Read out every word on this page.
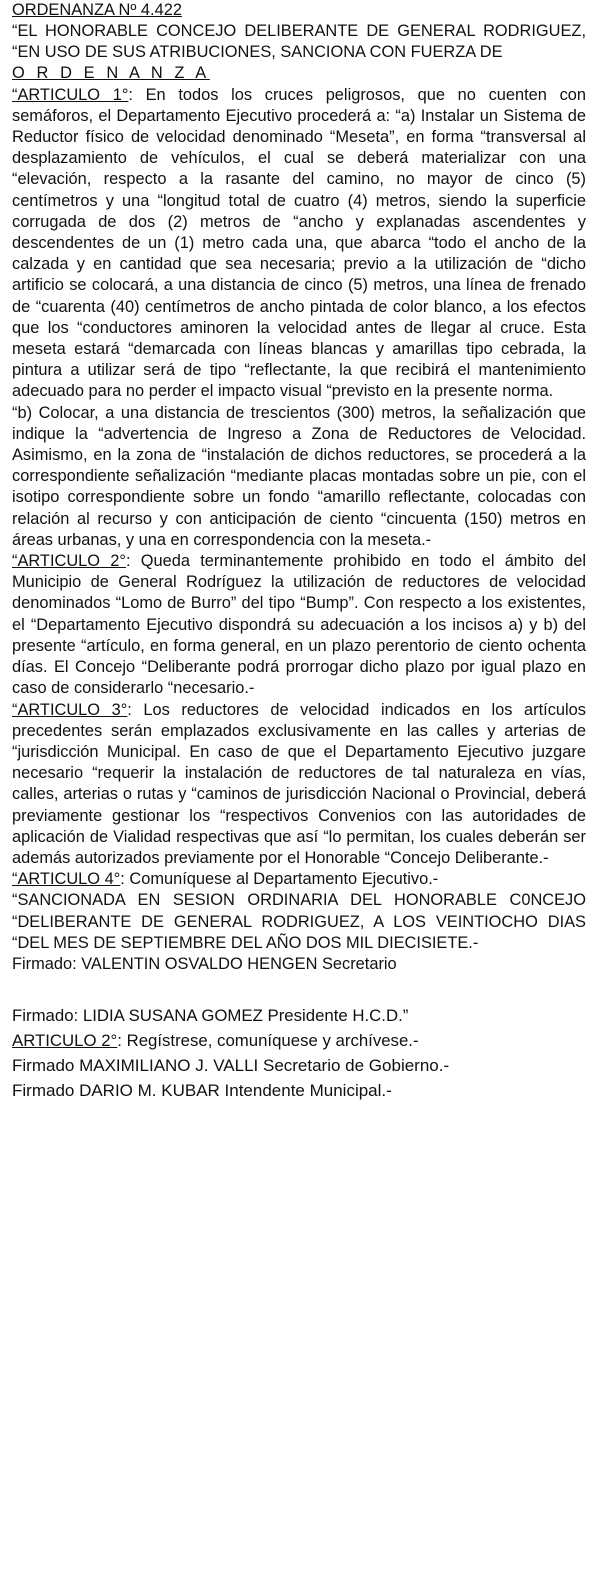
ORDENANZA Nº 4.422

“EL HONORABLE CONCEJO DELIBERANTE DE GENERAL RODRIGUEZ, “EN USO DE SUS ATRIBUCIONES, SANCIONA CON FUERZA DE

O R D E N A N Z A

“ARTICULO 1°: En todos los cruces peligrosos, que no cuenten con semáforos, el Departamento Ejecutivo procederá a: “a) Instalar un Sistema de Reductor físico de velocidad denominado “Meseta”, en forma “transversal al desplazamiento de vehículos, el cual se deberá materializar con una “elevación, respecto a la rasante del camino, no mayor de cinco (5) centímetros y una “longitud total de cuatro (4) metros, siendo la superficie corrugada de dos (2) metros de “ancho y explanadas ascendentes y descendentes de un (1) metro cada una, que abarca “todo el ancho de la calzada y en cantidad que sea necesaria; previo a la utilización de “dicho artificio se colocará, a una distancia de cinco (5) metros, una línea de frenado de “cuarenta (40) centímetros de ancho pintada de color blanco, a los efectos que los “conductores aminoren la velocidad antes de llegar al cruce. Esta meseta estará “demarcada con líneas blancas y amarillas tipo cebrada, la pintura a utilizar será de tipo “reflectante, la que recibirá el mantenimiento adecuado para no perder el impacto visual “previsto en la presente norma.

“b) Colocar, a una distancia de trescientos (300) metros, la señalización que indique la “advertencia de Ingreso a Zona de Reductores de Velocidad. Asimismo, en la zona de “instalación de dichos reductores, se procederá a la correspondiente señalización “mediante placas montadas sobre un pie, con el isotipo correspondiente sobre un fondo “amarillo reflectante, colocadas con relación al recurso y con anticipación de ciento “cincuenta (150) metros en áreas urbanas, y una en correspondencia con la meseta.-

“ARTICULO 2°: Queda terminantemente prohibido en todo el ámbito del Municipio de General Rodríguez la utilización de reductores de velocidad denominados “Lomo de Burro” del tipo “Bump”. Con respecto a los existentes, el “Departamento Ejecutivo dispondrá su adecuación a los incisos a) y b) del presente “artículo, en forma general, en un plazo perentorio de ciento ochenta días. El Concejo “Deliberante podrá prorrogar dicho plazo por igual plazo en caso de considerarlo “necesario.-

“ARTICULO 3°: Los reductores de velocidad indicados en los artículos precedentes serán emplazados exclusivamente en las calles y arterias de “jurisdicción Municipal. En caso de que el Departamento Ejecutivo juzgare necesario “requerir la instalación de reductores de tal naturaleza en vías, calles, arterias o rutas y “caminos de jurisdicción Nacional o Provincial, deberá previamente gestionar los “respectivos Convenios con las autoridades de aplicación de Vialidad respectivas que así “lo permitan, los cuales deberán ser además autorizados previamente por el Honorable “Concejo Deliberante.-

“ARTICULO 4°: Comuníquese al Departamento Ejecutivo.-

“SANCIONADA EN SESION ORDINARIA DEL HONORABLE C0NCEJO “DELIBERANTE DE GENERAL RODRIGUEZ, A LOS VEINTIOCHO DIAS “DEL MES DE SEPTIEMBRE DEL AÑO DOS MIL DIECISIETE.-

Firmado: VALENTIN OSVALDO HENGEN Secretario

Firmado: LIDIA SUSANA GOMEZ Presidente H.C.D.”

ARTICULO 2°: Regístrese, comuníquese y archívese.-

Firmado MAXIMILIANO J. VALLI Secretario de Gobierno.-

Firmado DARIO M. KUBAR Intendente Municipal.-
